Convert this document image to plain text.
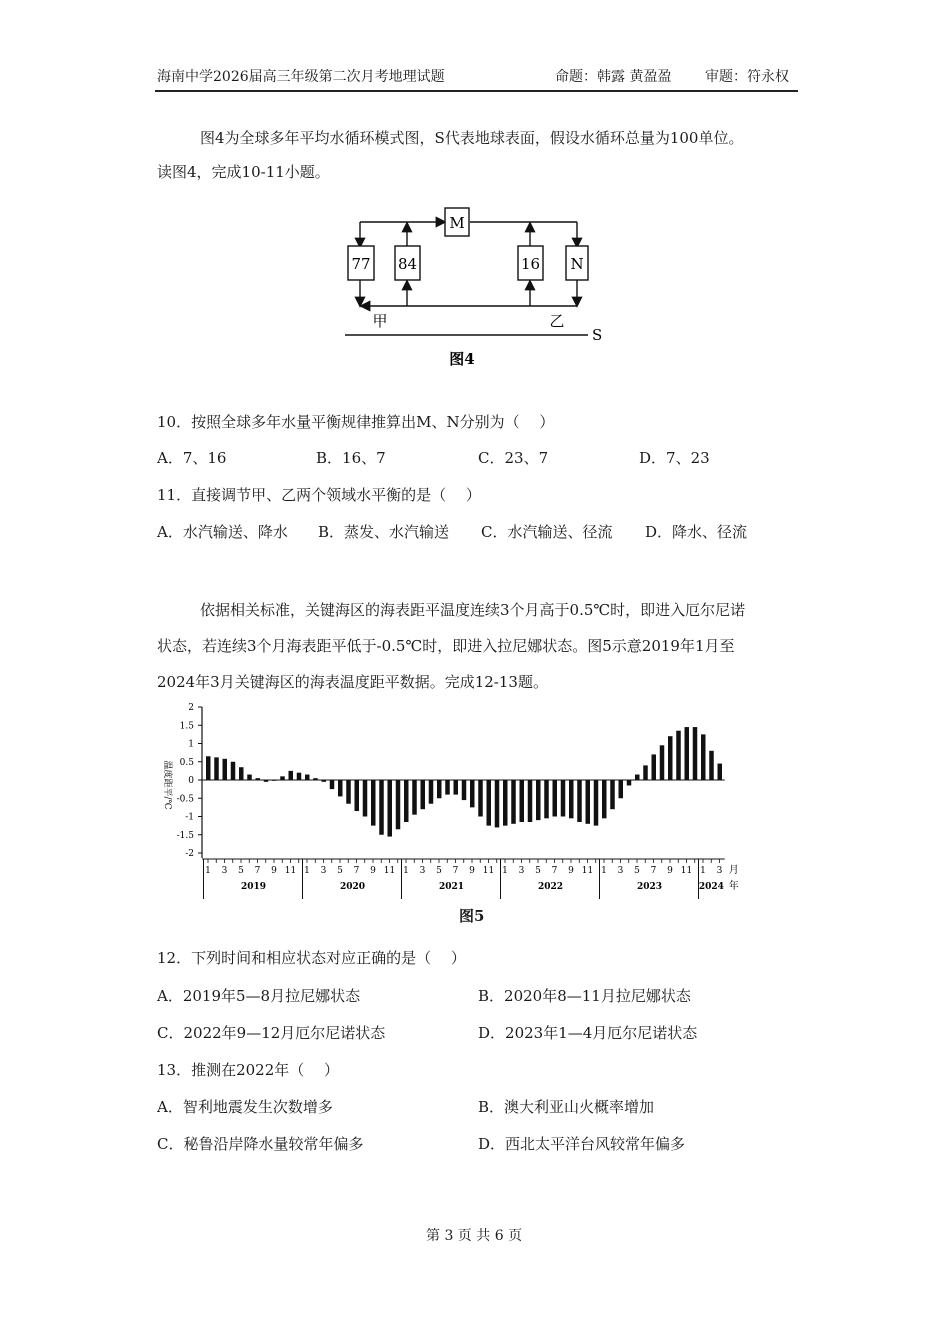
海南中学2026届高三年级第二次月考地理试题	命题：韩露 黄盈盈 审题：符永权
图4为全球多年平均水循环模式图，S代表地球表面，假设水循环总量为100单位。
读图4，完成10-11小题。
M
77 84	16 N
甲	乙
S
图4
10．按照全球多年水量平衡规律推算出M、N分别为（　 ）
A．7、16	B．16、7	C．23、7	D．7、23
11．直接调节甲、乙两个领域水平衡的是（　 ）
A．水汽输送、降水 B．蒸发、水汽输送 C．水汽输送、径流 D．降水、径流
依据相关标准，关键海区的海表距平温度连续3个月高于0.5℃时，即进入厄尔尼诺
状态，若连续3个月海表距平低于-0.5℃时，即进入拉尼娜状态。图5示意2019年1月至
2024年3月关键海区的海表温度距平数据。完成12-13题。
温度距平/℃
2
1.5
1
0.5
0
-0.5
-1
-1.5
-2
1 3 5 7 9 11 1 3 5 7 9 11 1 3 5 7 9 11 1 3 5 7 9 11 1 3 5 7 9 11 1 3
2019	2020	2021	2022	2023	2024
月
年
图5
12．下列时间和相应状态对应正确的是（　 ）
A．2019年5—8月拉尼娜状态	B．2020年8—11月拉尼娜状态
C．2022年9—12月厄尔尼诺状态	D．2023年1—4月厄尔尼诺状态
13．推测在2022年（　 ）
A．智利地震发生次数增多	B．澳大利亚山火概率增加
C．秘鲁沿岸降水量较常年偏多	D．西北太平洋台风较常年偏多
第 3 页 共 6 页
